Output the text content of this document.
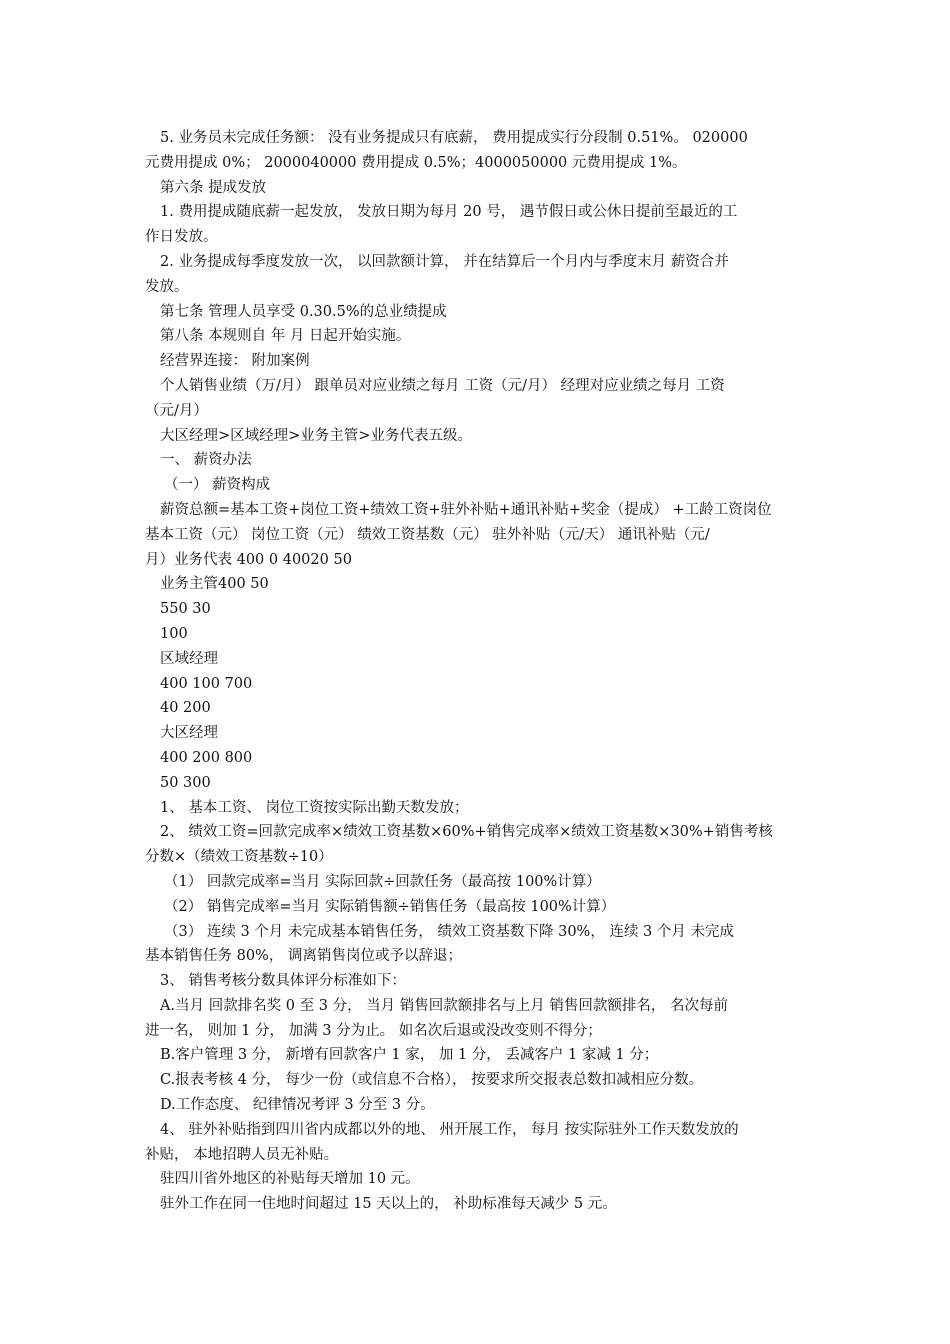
5. 业务员未完成任务额： 没有业务提成只有底薪， 费用提成实行分段制 0.51%。 020000
元费用提成 0%； 2000040000 费用提成 0.5%；4000050000 元费用提成 1%。
第六条 提成发放
1. 费用提成随底薪一起发放， 发放日期为每月 20 号， 遇节假日或公休日提前至最近的工
作日发放。
2. 业务提成每季度发放一次， 以回款额计算， 并在结算后一个月内与季度末月 薪资合并
发放。
第七条 管理人员享受 0.30.5%的总业绩提成
第八条 本规则自 年 月 日起开始实施。
经营界连接： 附加案例
个人销售业绩（万/月） 跟单员对应业绩之每月 工资（元/月） 经理对应业绩之每月 工资
（元/月）
大区经理>区域经理>业务主管>业务代表五级。
一、 薪资办法
（一） 薪资构成
薪资总额=基本工资+岗位工资+绩效工资+驻外补贴+通讯补贴+奖金（提成） +工龄工资岗位
基本工资（元） 岗位工资（元） 绩效工资基数（元） 驻外补贴（元/天） 通讯补贴（元/
月）业务代表 400 0 40020 50
业务主管400 50
550 30
100
区域经理
400 100 700
40 200
大区经理
400 200 800
50 300
1、 基本工资、 岗位工资按实际出勤天数发放；
2、 绩效工资=回款完成率×绩效工资基数×60%+销售完成率×绩效工资基数×30%+销售考核
分数×（绩效工资基数÷10）
（1） 回款完成率=当月 实际回款÷回款任务（最高按 100%计算）
（2） 销售完成率=当月 实际销售额÷销售任务（最高按 100%计算）
（3） 连续 3 个月 未完成基本销售任务， 绩效工资基数下降 30%， 连续 3 个月 未完成
基本销售任务 80%， 调离销售岗位或予以辞退；
3、 销售考核分数具体评分标准如下：
A.当月 回款排名奖 0 至 3 分， 当月 销售回款额排名与上月 销售回款额排名， 名次每前
进一名， 则加 1 分， 加满 3 分为止。 如名次后退或没改变则不得分；
B.客户管理 3 分， 新增有回款客户 1 家， 加 1 分， 丢减客户 1 家减 1 分；
C.报表考核 4 分， 每少一份（或信息不合格）， 按要求所交报表总数扣减相应分数。
D.工作态度、 纪律情况考评 3 分至 3 分。
4、 驻外补贴指到四川省内成都以外的地、 州开展工作， 每月 按实际驻外工作天数发放的
补贴， 本地招聘人员无补贴。
驻四川省外地区的补贴每天增加 10 元。
驻外工作在同一住地时间超过 15 天以上的， 补助标准每天减少 5 元。
